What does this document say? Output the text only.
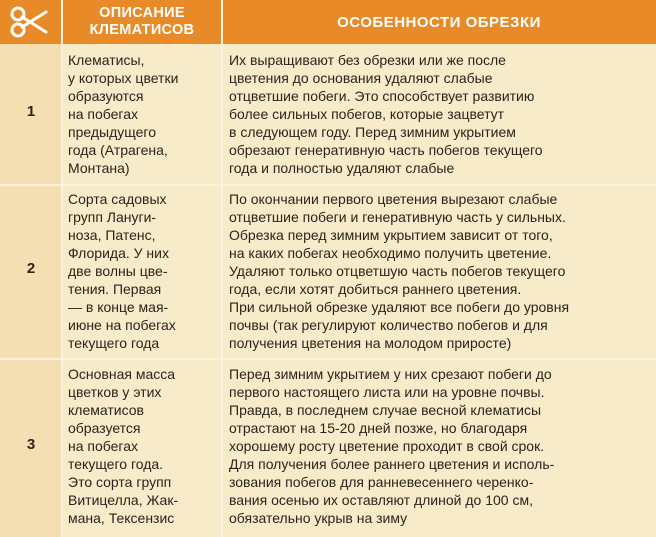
ОПИСАНИЕ КЛЕМАТИСОВ	ОСОБЕННОСТИ ОБРЕЗКИ
1
Клематисы,
у которых цветки
образуются
на побегах
предыдущего
года (Атрагена,
Монтана)
Их выращивают без обрезки или же после
цветения до основания удаляют слабые
отцветшие побеги. Это способствует развитию
более сильных побегов, которые зацветут
в следующем году. Перед зимним укрытием
обрезают генеративную часть побегов текущего
года и полностью удаляют слабые
2
Сорта садовых
групп Лануги-
ноза, Патенс,
Флорида. У них
две волны цве-
тения. Первая
— в конце мая-
июне на побегах
текущего года
По окончании первого цветения вырезают слабые
отцветшие побеги и генеративную часть у сильных.
Обрезка перед зимним укрытием зависит от того,
на каких побегах необходимо получить цветение.
Удаляют только отцветшую часть побегов текущего
года, если хотят добиться раннего цветения.
При сильной обрезке удаляют все побеги до уровня
почвы (так регулируют количество побегов и для
получения цветения на молодом приросте)
3
Основная масса
цветков у этих
клематисов
образуется
на побегах
текущего года.
Это сорта групп
Витицелла, Жак-
мана, Тексензис
Перед зимним укрытием у них срезают побеги до
первого настоящего листа или на уровне почвы.
Правда, в последнем случае весной клематисы
отрастают на 15-20 дней позже, но благодаря
хорошему росту цветение проходит в свой срок.
Для получения более раннего цветения и исполь-
зования побегов для ранневесеннего черенко-
вания осенью их оставляют длиной до 100 см,
обязательно укрыв на зиму
